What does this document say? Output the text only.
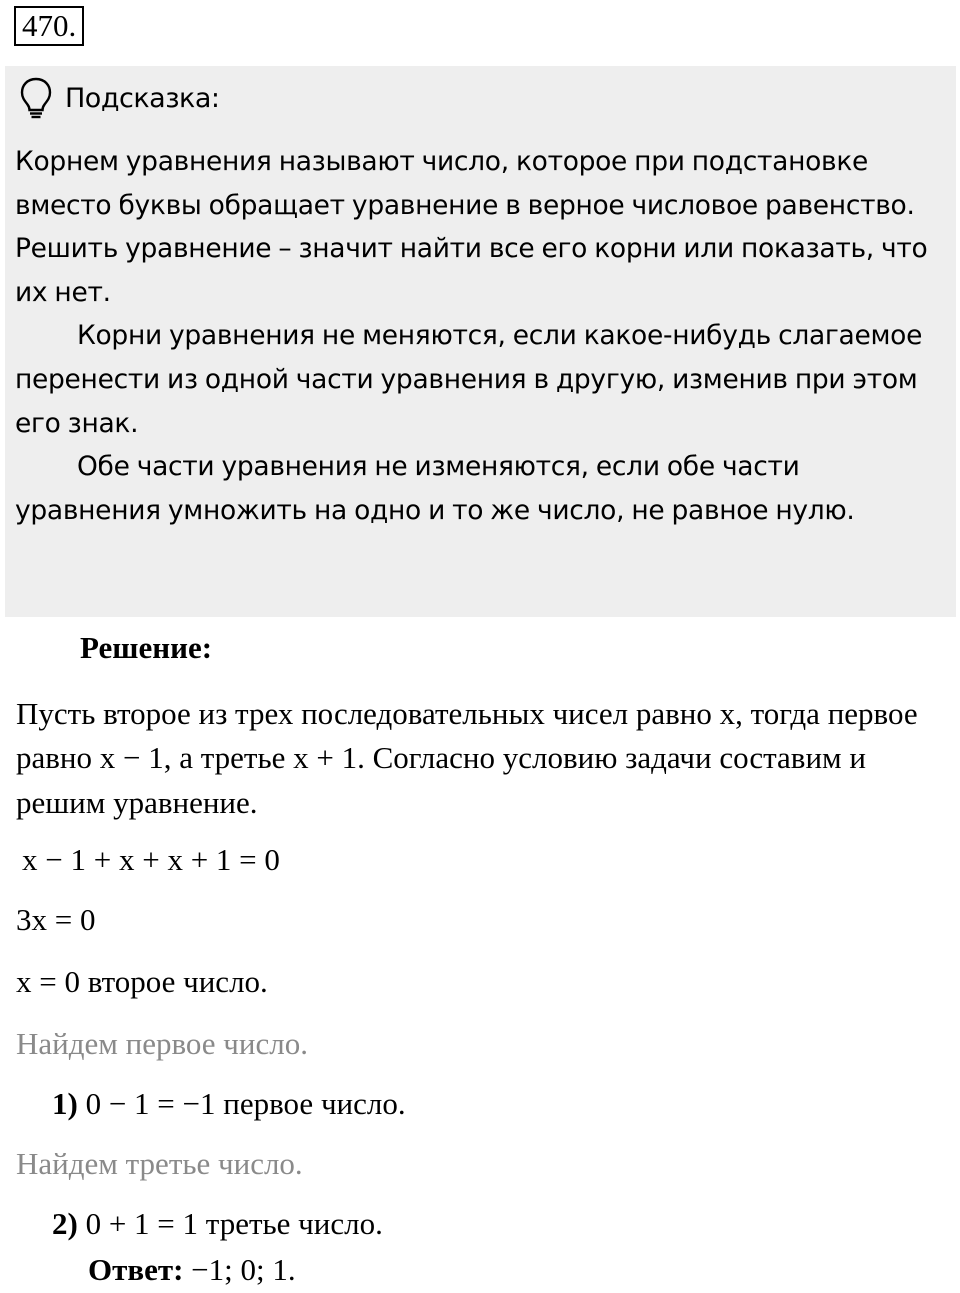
470.
Подсказка:

Корнем уравнения называют число, которое при подстановке вместо буквы обращает уравнение в верное числовое равенство.

Решить уравнение – значит найти все его корни или показать, что их нет.

Корни уравнения не меняются, если какое-нибудь слагаемое перенести из одной части уравнения в другую, изменив при этом его знак.

Обе части уравнения не изменяются, если обе части уравнения умножить на одно и то же число, не равное нулю.

Решение:

Пусть второе из трех последовательных чисел равно x, тогда первое равно x − 1, а третье x + 1. Согласно условию задачи составим и решим уравнение.

x − 1 + x + x + 1 = 0
3x = 0
x = 0 второе число.
Найдем первое число.
1) 0 − 1 = −1 первое число.
Найдем третье число.
2) 0 + 1 = 1 третье число.
Ответ: −1; 0; 1.
